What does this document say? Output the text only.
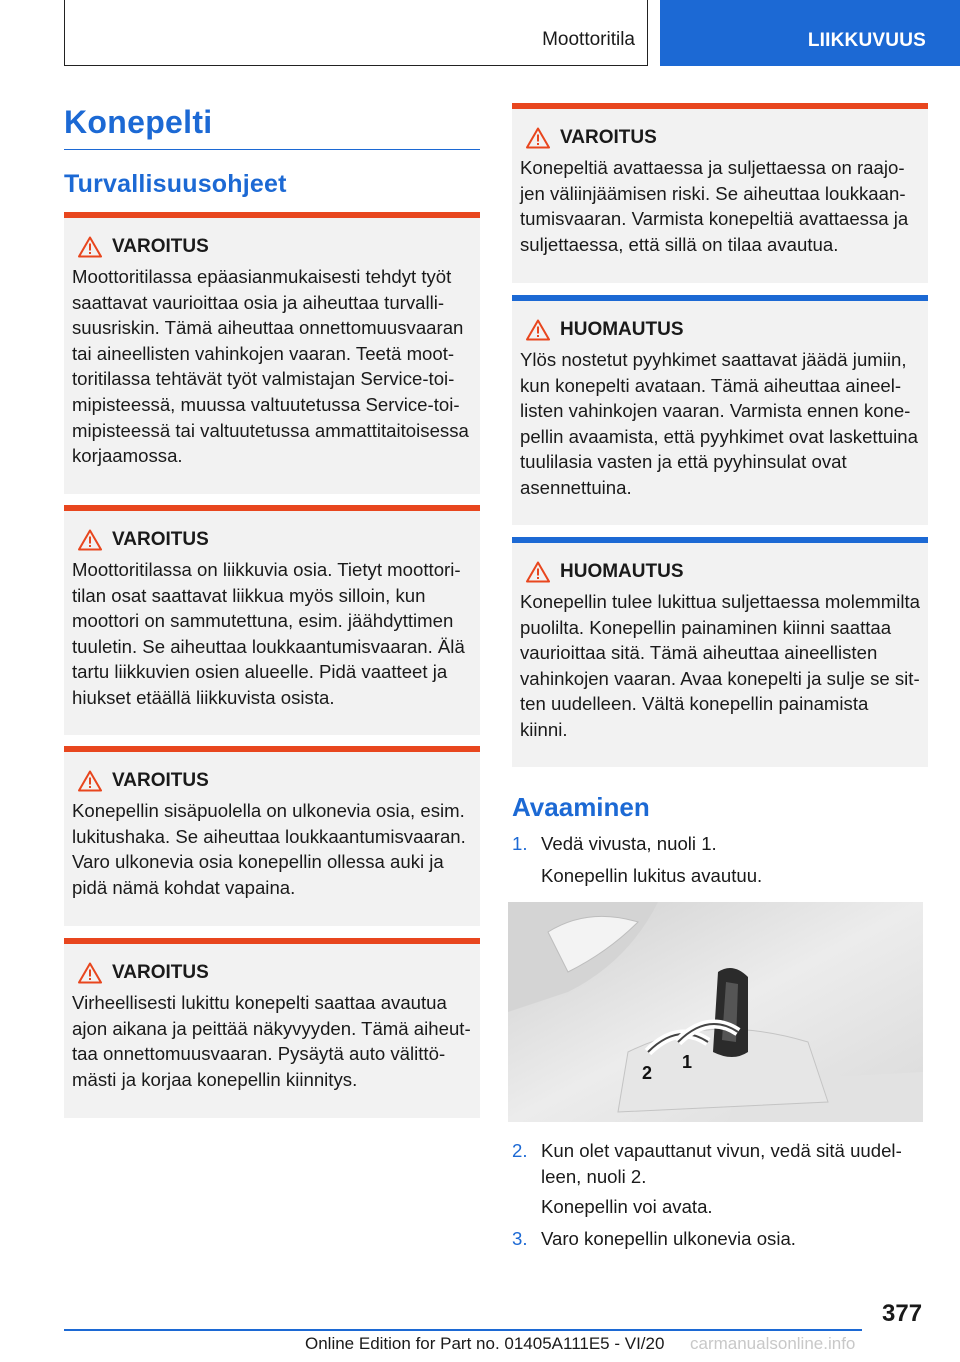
Moottoritila	LIIKKUVUUS
Konepelti
Turvallisuusohjeet
VAROITUS
Moottoritilassa epäasianmukaisesti tehdyt työt saattavat vaurioittaa osia ja aiheuttaa turvallisuusriskin. Tämä aiheuttaa onnettomuusvaaran tai aineellisten vahinkojen vaaran. Teetä moottoritilassa tehtävät työt valmistajan Service-toimipisteessä, muussa valtuutetussa Service-toimipisteessä tai valtuutetussa ammattitaitoisessa korjaamossa.
VAROITUS
Moottoritilassa on liikkuvia osia. Tietyt moottoritilan osat saattavat liikkua myös silloin, kun moottori on sammutettuna, esim. jäähdyttimen tuuletin. Se aiheuttaa loukkaantumisvaaran. Älä tartu liikkuvien osien alueelle. Pidä vaatteet ja hiukset etäällä liikkuvista osista.
VAROITUS
Konepellin sisäpuolella on ulkonevia osia, esim. lukitushaka. Se aiheuttaa loukkaantumisvaaran. Varo ulkonevia osia konepellin ollessa auki ja pidä nämä kohdat vapaina.
VAROITUS
Virheellisesti lukittu konepelti saattaa avautua ajon aikana ja peittää näkyvyyden. Tämä aiheuttaa onnettomuusvaaran. Pysäytä auto välittömästi ja korjaa konepellin kiinnitys.
VAROITUS
Konepeltiä avattaessa ja suljettaessa on raajojen väliinjäämisen riski. Se aiheuttaa loukkaantumisvaaran. Varmista konepeltiä avattaessa ja suljettaessa, että sillä on tilaa avautua.
HUOMAUTUS
Ylös nostetut pyyhkimet saattavat jäädä jumiin, kun konepelti avataan. Tämä aiheuttaa aineellisten vahinkojen vaaran. Varmista ennen konepellin avaamista, että pyyhkimet ovat laskettuina tuulilasia vasten ja että pyyhinsulat ovat asennettuina.
HUOMAUTUS
Konepellin tulee lukittua suljettaessa molemmilta puolilta. Konepellin painaminen kiinni saattaa vaurioittaa sitä. Tämä aiheuttaa aineellisten vahinkojen vaaran. Avaa konepelti ja sulje se sitten uudelleen. Vältä konepellin painamista kiinni.
Avaaminen
1. Vedä vivusta, nuoli 1.
Konepellin lukitus avautuu.
1
2
2. Kun olet vapauttanut vivun, vedä sitä uudelleen, nuoli 2.
Konepellin voi avata.
3. Varo konepellin ulkonevia osia.
377
Online Edition for Part no. 01405A111E5 - VI/20 carmanualsonline.info
